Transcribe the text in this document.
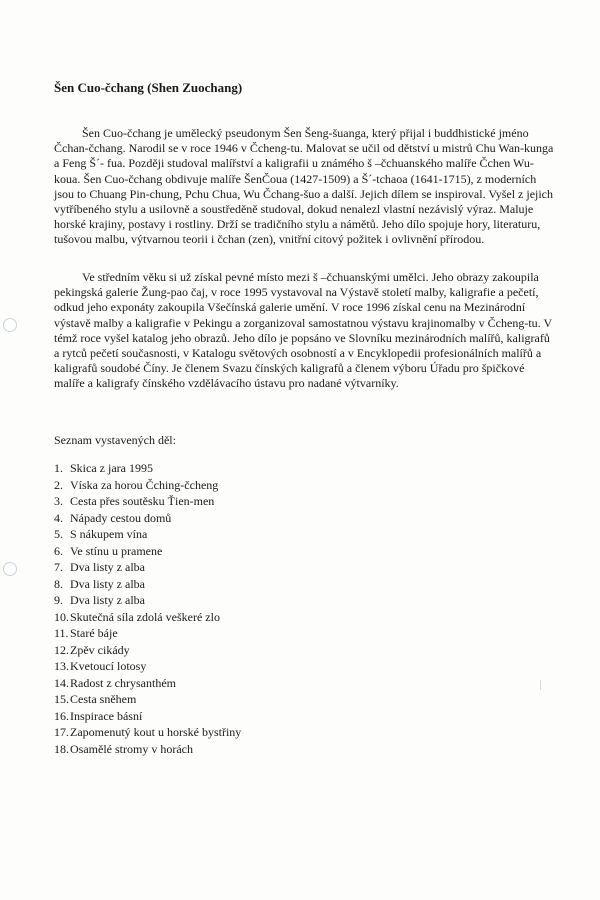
Šen Cuo-čchang (Shen Zuochang)

Šen Cuo-čchang je umělecký pseudonym Šen Šeng-šuanga, který přijal i buddhistické jméno Čchan-čchang. Narodil se v roce 1946 v Čcheng-tu. Malovat se učil od dětství u mistrů Chu Wan-kunga a Feng Š´- fua. Později studoval malířství a kaligrafii u známého š –čchuanského malíře Čchen Wu-koua. Šen Cuo-čchang obdivuje malíře ŠenČoua (1427-1509) a Š´-tchaoa (1641-1715), z moderních jsou to Chuang Pin-chung, Pchu Chua, Wu Čchang-šuo a další. Jejich dílem se inspiroval. Vyšel z jejich vytříbeného stylu a usilovně a soustředěně studoval, dokud nenalezl vlastní nezávislý výraz. Maluje horské krajiny, postavy i rostliny. Drží se tradičního stylu a námětů. Jeho dílo spojuje hory, literaturu, tušovou malbu, výtvarnou teorii i čchan (zen), vnitřní citový požitek i ovlivnění přírodou.

Ve středním věku si už získal pevné místo mezi š –čchuanskými umělci. Jeho obrazy zakoupila pekingská galerie Žung-pao čaj, v roce 1995 vystavoval na Výstavě století malby, kaligrafie a pečetí, odkud jeho exponáty zakoupila Všečínská galerie umění. V roce 1996 získal cenu na Mezinárodní výstavě malby a kaligrafie v Pekingu a zorganizoval samostatnou výstavu krajinomalby v Čcheng-tu. V témž roce vyšel katalog jeho obrazů. Jeho dílo je popsáno ve Slovníku mezinárodních malířů, kaligrafů a rytců pečetí současnosti, v Katalogu světových osobností a v Encyklopedii profesionálních malířů a kaligrafů soudobé Číny. Je členem Svazu čínských kaligrafů a členem výboru Úřadu pro špičkové malíře a kaligrafy čínského vzdělávacího ústavu pro nadané výtvarníky.

Seznam vystavených děl:
1. Skica z jara 1995
2. Víska za horou Čching-čcheng
3. Cesta přes soutěsku Ťien-men
4. Nápady cestou domů
5. S nákupem vína
6. Ve stínu u pramene
7. Dva listy z alba
8. Dva listy z alba
9. Dva listy z alba
10.Skutečná síla zdolá veškeré zlo
11.Staré báje
12.Zpěv cikády
13.Kvetoucí lotosy
14.Radost z chrysanthém
15.Cesta sněhem
16.Inspirace básní
17.Zapomenutý kout u horské bystřiny
18.Osamělé stromy v horách
